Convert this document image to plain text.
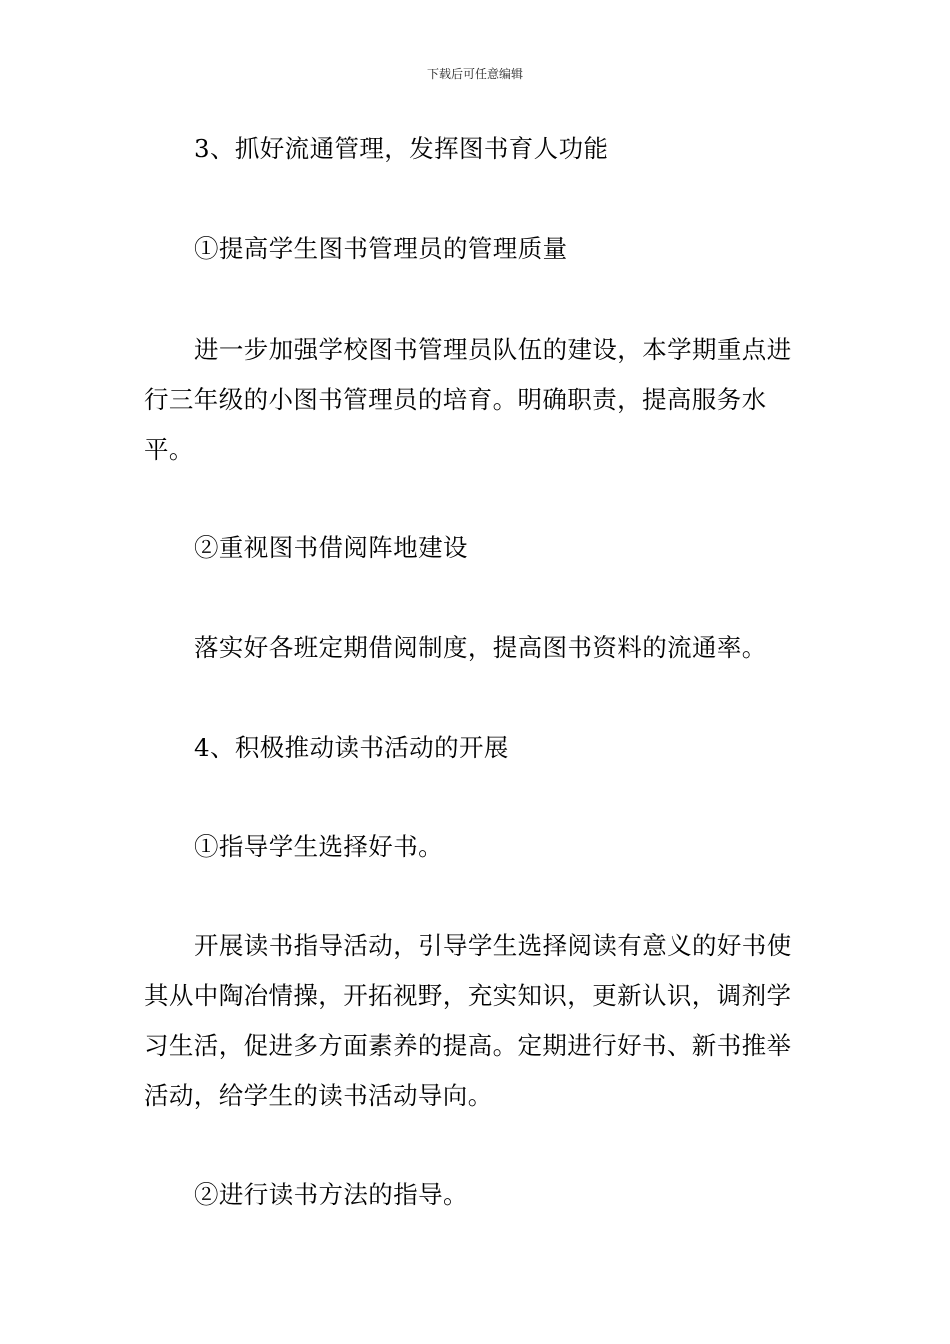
下载后可任意编辑

3、抓好流通管理，发挥图书育人功能

①提高学生图书管理员的管理质量

进一步加强学校图书管理员队伍的建设，本学期重点进行三年级的小图书管理员的培育。明确职责，提高服务水平。

②重视图书借阅阵地建设

落实好各班定期借阅制度，提高图书资料的流通率。

4、积极推动读书活动的开展

①指导学生选择好书。

开展读书指导活动，引导学生选择阅读有意义的好书使其从中陶冶情操，开拓视野，充实知识，更新认识，调剂学习生活，促进多方面素养的提高。定期进行好书、新书推举活动，给学生的读书活动导向。

②进行读书方法的指导。
